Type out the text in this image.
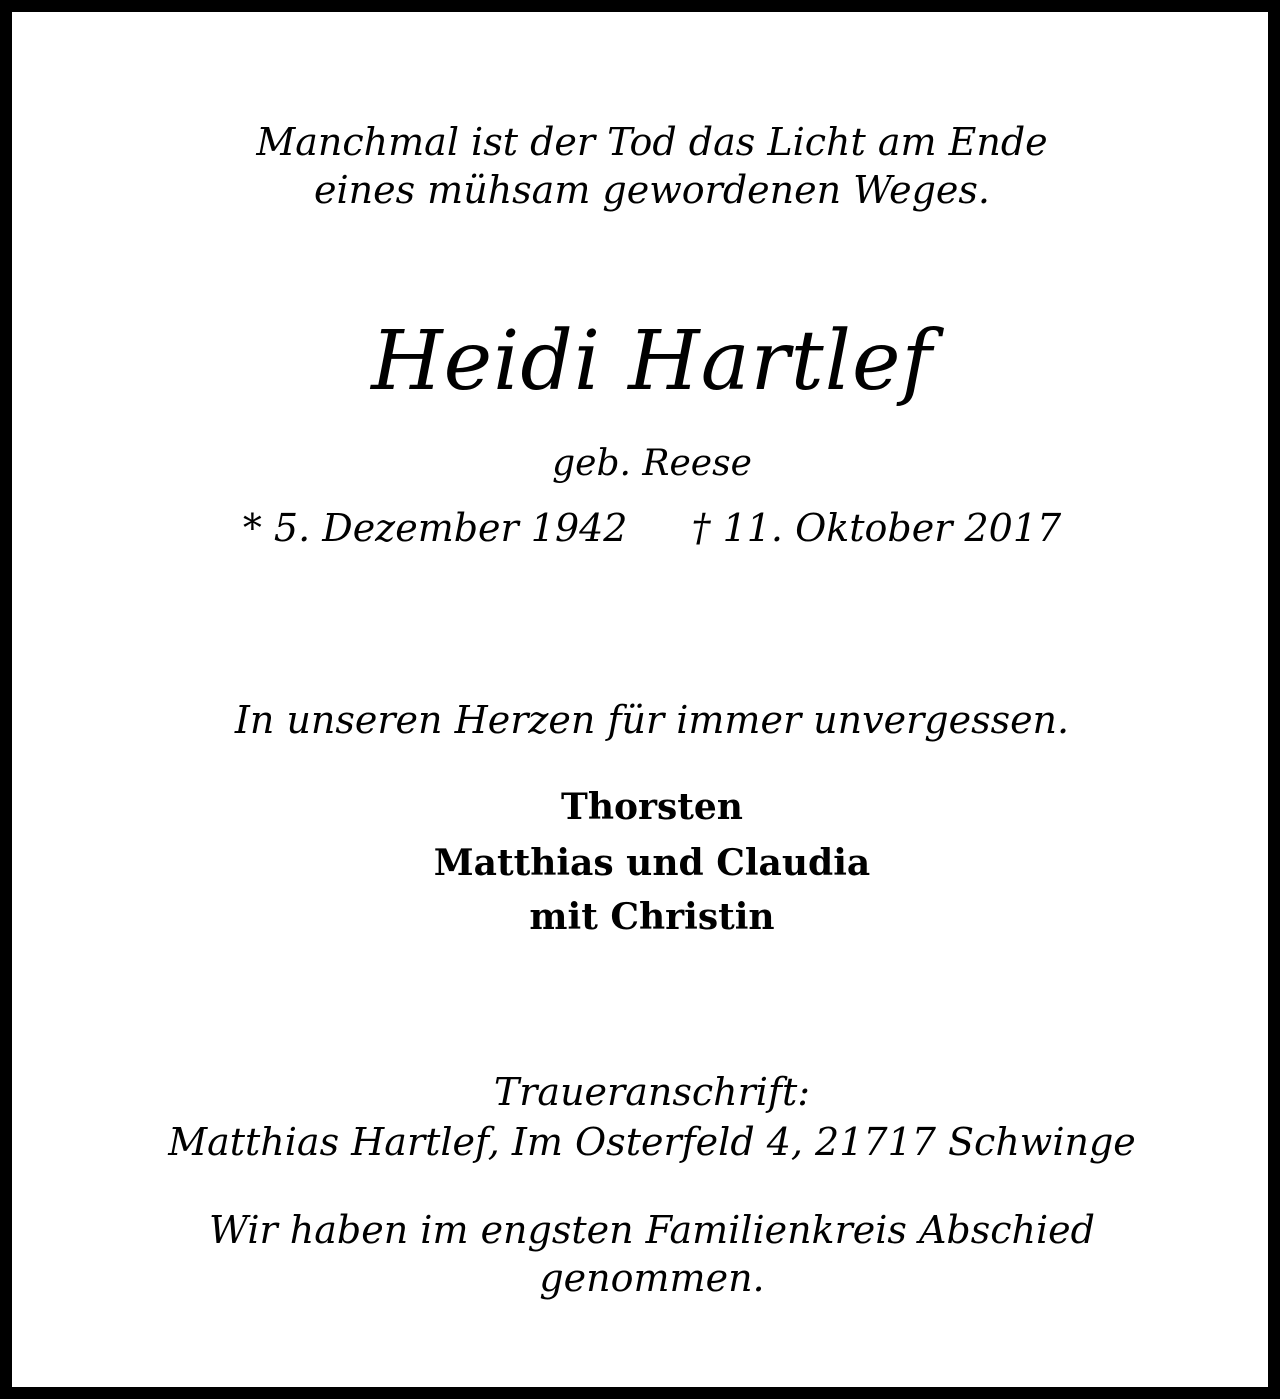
Manchmal ist der Tod das Licht am Ende
eines mühsam gewordenen Weges.
Heidi Hartlef
geb. Reese
* 5. Dezember 1942 † 11. Oktober 2017
In unseren Herzen für immer unvergessen.
Thorsten
Matthias und Claudia
mit Christin
Traueranschrift:
Matthias Hartlef, Im Osterfeld 4, 21717 Schwinge
Wir haben im engsten Familienkreis Abschied
genommen.
